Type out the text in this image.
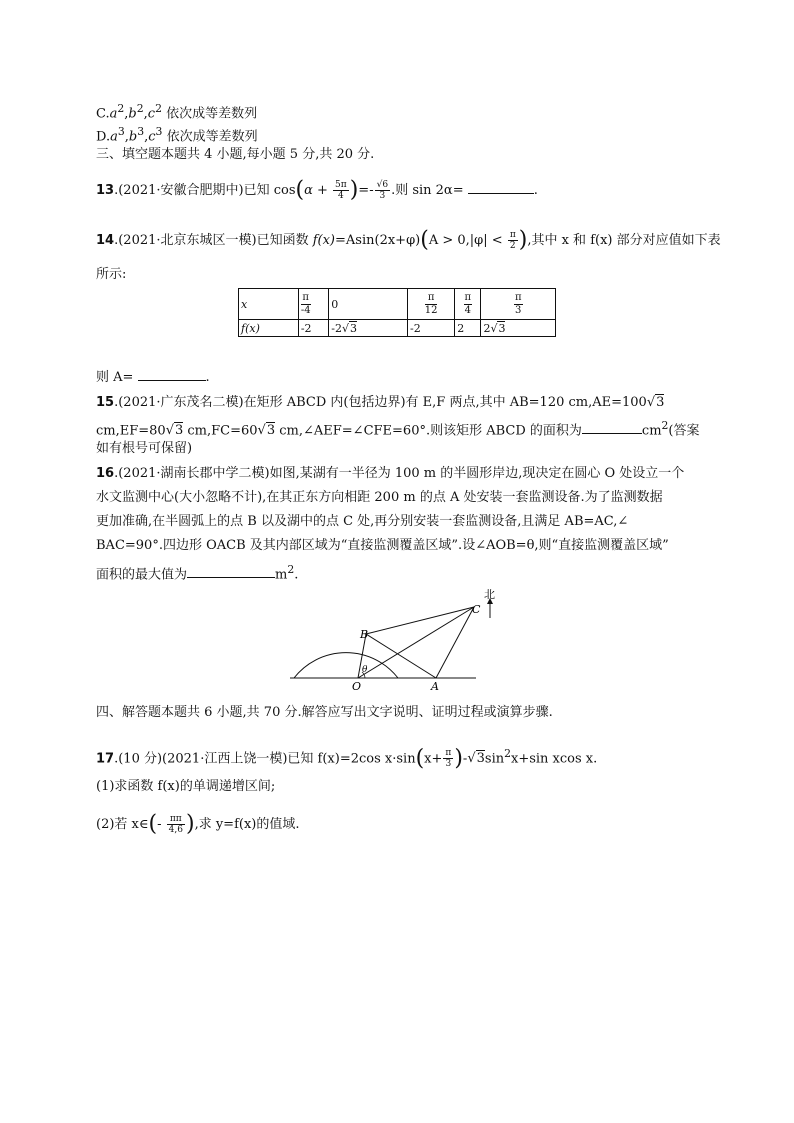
$C.a^2,b^2,c^2$ 依次成等差数列
$D.a^3,b^3,c^3$ 依次成等差数列
三、填空题本题共 4 小题,每小题 5 分,共 20 分.
13.(2021·安徽合肥期中)已知 $\cos(\alpha + \frac{5\pi}{4}$ )=- $\frac{√6}{3}$ .则 sin 2α=	.
14.(2021·北京东城区一模)已知函数 $f(x)=Asin(2x+\varphi)(A > 0,|\varphi| < \frac{\pi}{2}$ ),其中 x 和 f(x) 部分对应值如下表
所示:
x	$\frac{\pi}{-4}$	0	$\frac{\pi}{12}$	$\frac{\pi}{4}$	$\frac{\pi}{3}$
f(x)	-2	-2√3	-2	2	2√3
则 A=	.
15.(2021·广东茂名二模)在矩形 ABCD 内(包括边界)有 E,F 两点,其中 AB=120 cm,AE=100√3
cm,EF=80√3 cm,FC=60√3 cm,∠AEF=∠CFE=60°.则该矩形 ABCD 的面积为	$cm^2$(答案
如有根号可保留)
16.(2021·湖南长郡中学二模)如图,某湖有一半径为 100 m 的半圆形岸边,现决定在圆心 O 处设立一个
水文监测中心(大小忽略不计),在其正东方向相距 200 m 的点 A 处安装一套监测设备.为了监测数据
更加准确,在半圆弧上的点 B 以及湖中的点 C 处,再分别安装一套监测设备,且满足 AB=AC,∠
BAC=90°.四边形 OACB 及其内部区域为“直接监测覆盖区域”.设∠AOB=θ,则“直接监测覆盖区域”
面积的最大值为	$m^2$.
北
B
C
O	A
θ
四、解答题本题共 6 小题,共 70 分.解答应写出文字说明、证明过程或演算步骤.
17.(10 分)(2021·江西上饶一模)已知 f(x)=2cos $x\cdot\sin(x+ \frac{\pi}{3} )-√3\sin^2x+\sin$ xcos x.
(1)求函数 f(x)的单调递增区间;
(2)若 x∈(- $\frac{\pi\pi}{4,6}$ ),求 y=f(x)的值域.
